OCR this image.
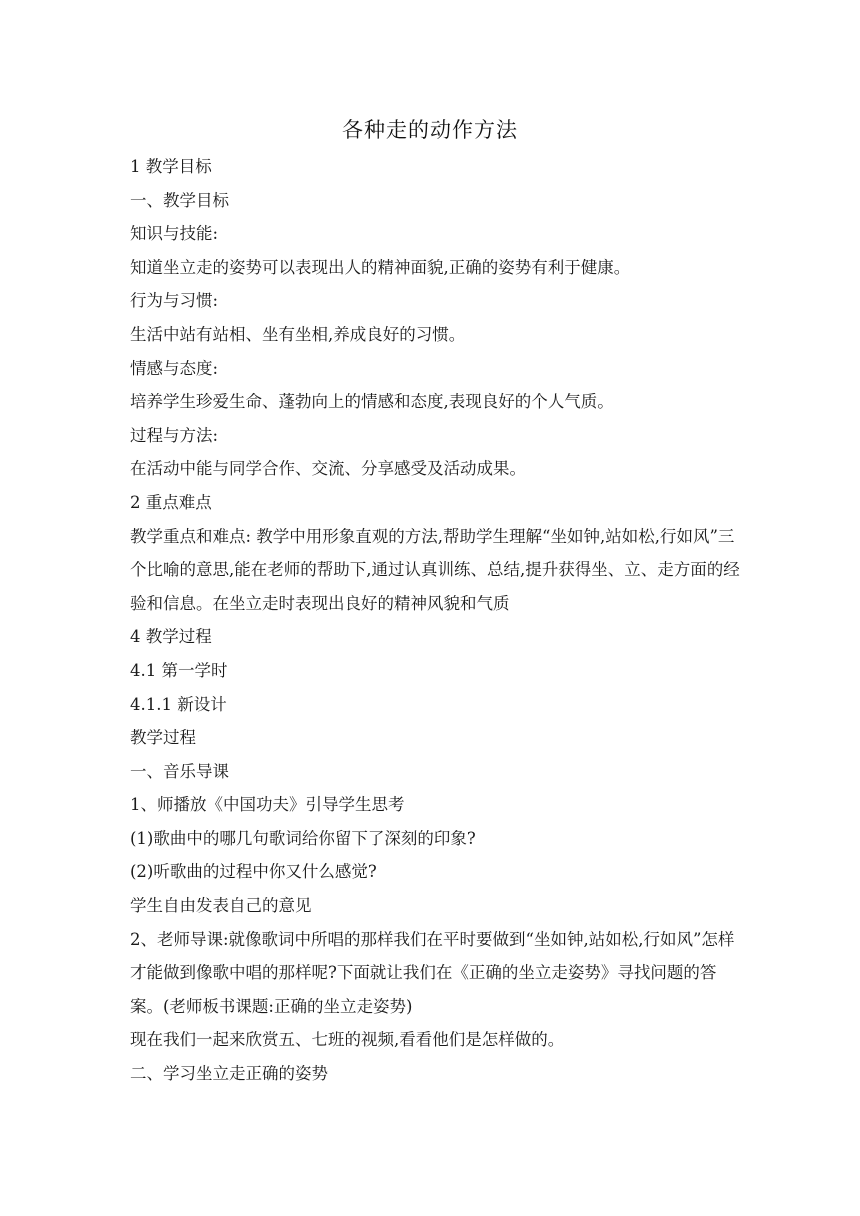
各种走的动作方法
1 教学目标
一、教学目标
知识与技能:
知道坐立走的姿势可以表现出人的精神面貌,正确的姿势有利于健康。
行为与习惯:
生活中站有站相、坐有坐相,养成良好的习惯。
情感与态度:
培养学生珍爱生命、蓬勃向上的情感和态度,表现良好的个人气质。
过程与方法:
在活动中能与同学合作、交流、分享感受及活动成果。
2 重点难点
教学重点和难点: 教学中用形象直观的方法,帮助学生理解“坐如钟,站如松,行如风”三个比喻的意思,能在老师的帮助下,通过认真训练、总结,提升获得坐、立、走方面的经验和信息。在坐立走时表现出良好的精神风貌和气质
4 教学过程
4.1 第一学时
4.1.1 新设计
教学过程
一、音乐导课
1、师播放《中国功夫》引导学生思考
(1)歌曲中的哪几句歌词给你留下了深刻的印象?
(2)听歌曲的过程中你又什么感觉?
学生自由发表自己的意见
2、老师导课:就像歌词中所唱的那样我们在平时要做到“坐如钟,站如松,行如风”怎样才能做到像歌中唱的那样呢?下面就让我们在《正确的坐立走姿势》寻找问题的答案。(老师板书课题:正确的坐立走姿势)
现在我们一起来欣赏五、七班的视频,看看他们是怎样做的。
二、学习坐立走正确的姿势
